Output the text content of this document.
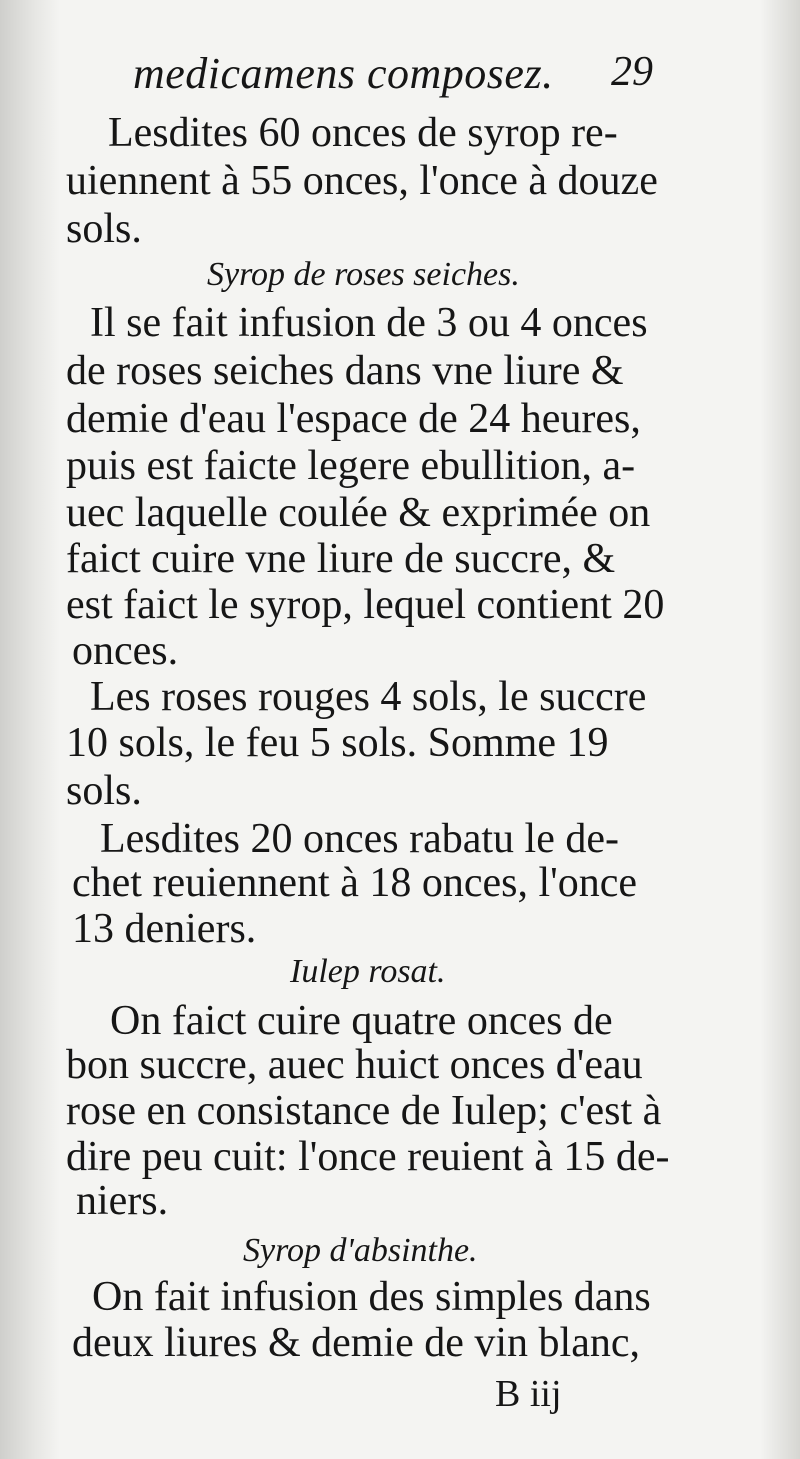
medicamens composez. 29
Lesdites 60 onces de syrop re-
uiennent à 55 onces, l'once à douze
sols.
Syrop de roses seiches.
Il se fait infusion de 3 ou 4 onces
de roses seiches dans vne liure &
demie d'eau l'espace de 24 heures,
puis est faicte legere ebullition, a-
uec laquelle coulée & exprimée on
faict cuire vne liure de succre, &
est faict le syrop, lequel contient 20
onces.
Les roses rouges 4 sols, le succre
10 sols, le feu 5 sols. Somme 19
sols.
Lesdites 20 onces rabatu le de-
chet reuiennent à 18 onces, l'once
13 deniers.
Iulep rosat.
On faict cuire quatre onces de
bon succre, auec huict onces d'eau
rose en consistance de Iulep; c'est à
dire peu cuit: l'once reuient à 15 de-
niers.
Syrop d'absinthe.
On fait infusion des simples dans
deux liures & demie de vin blanc,
B iij
